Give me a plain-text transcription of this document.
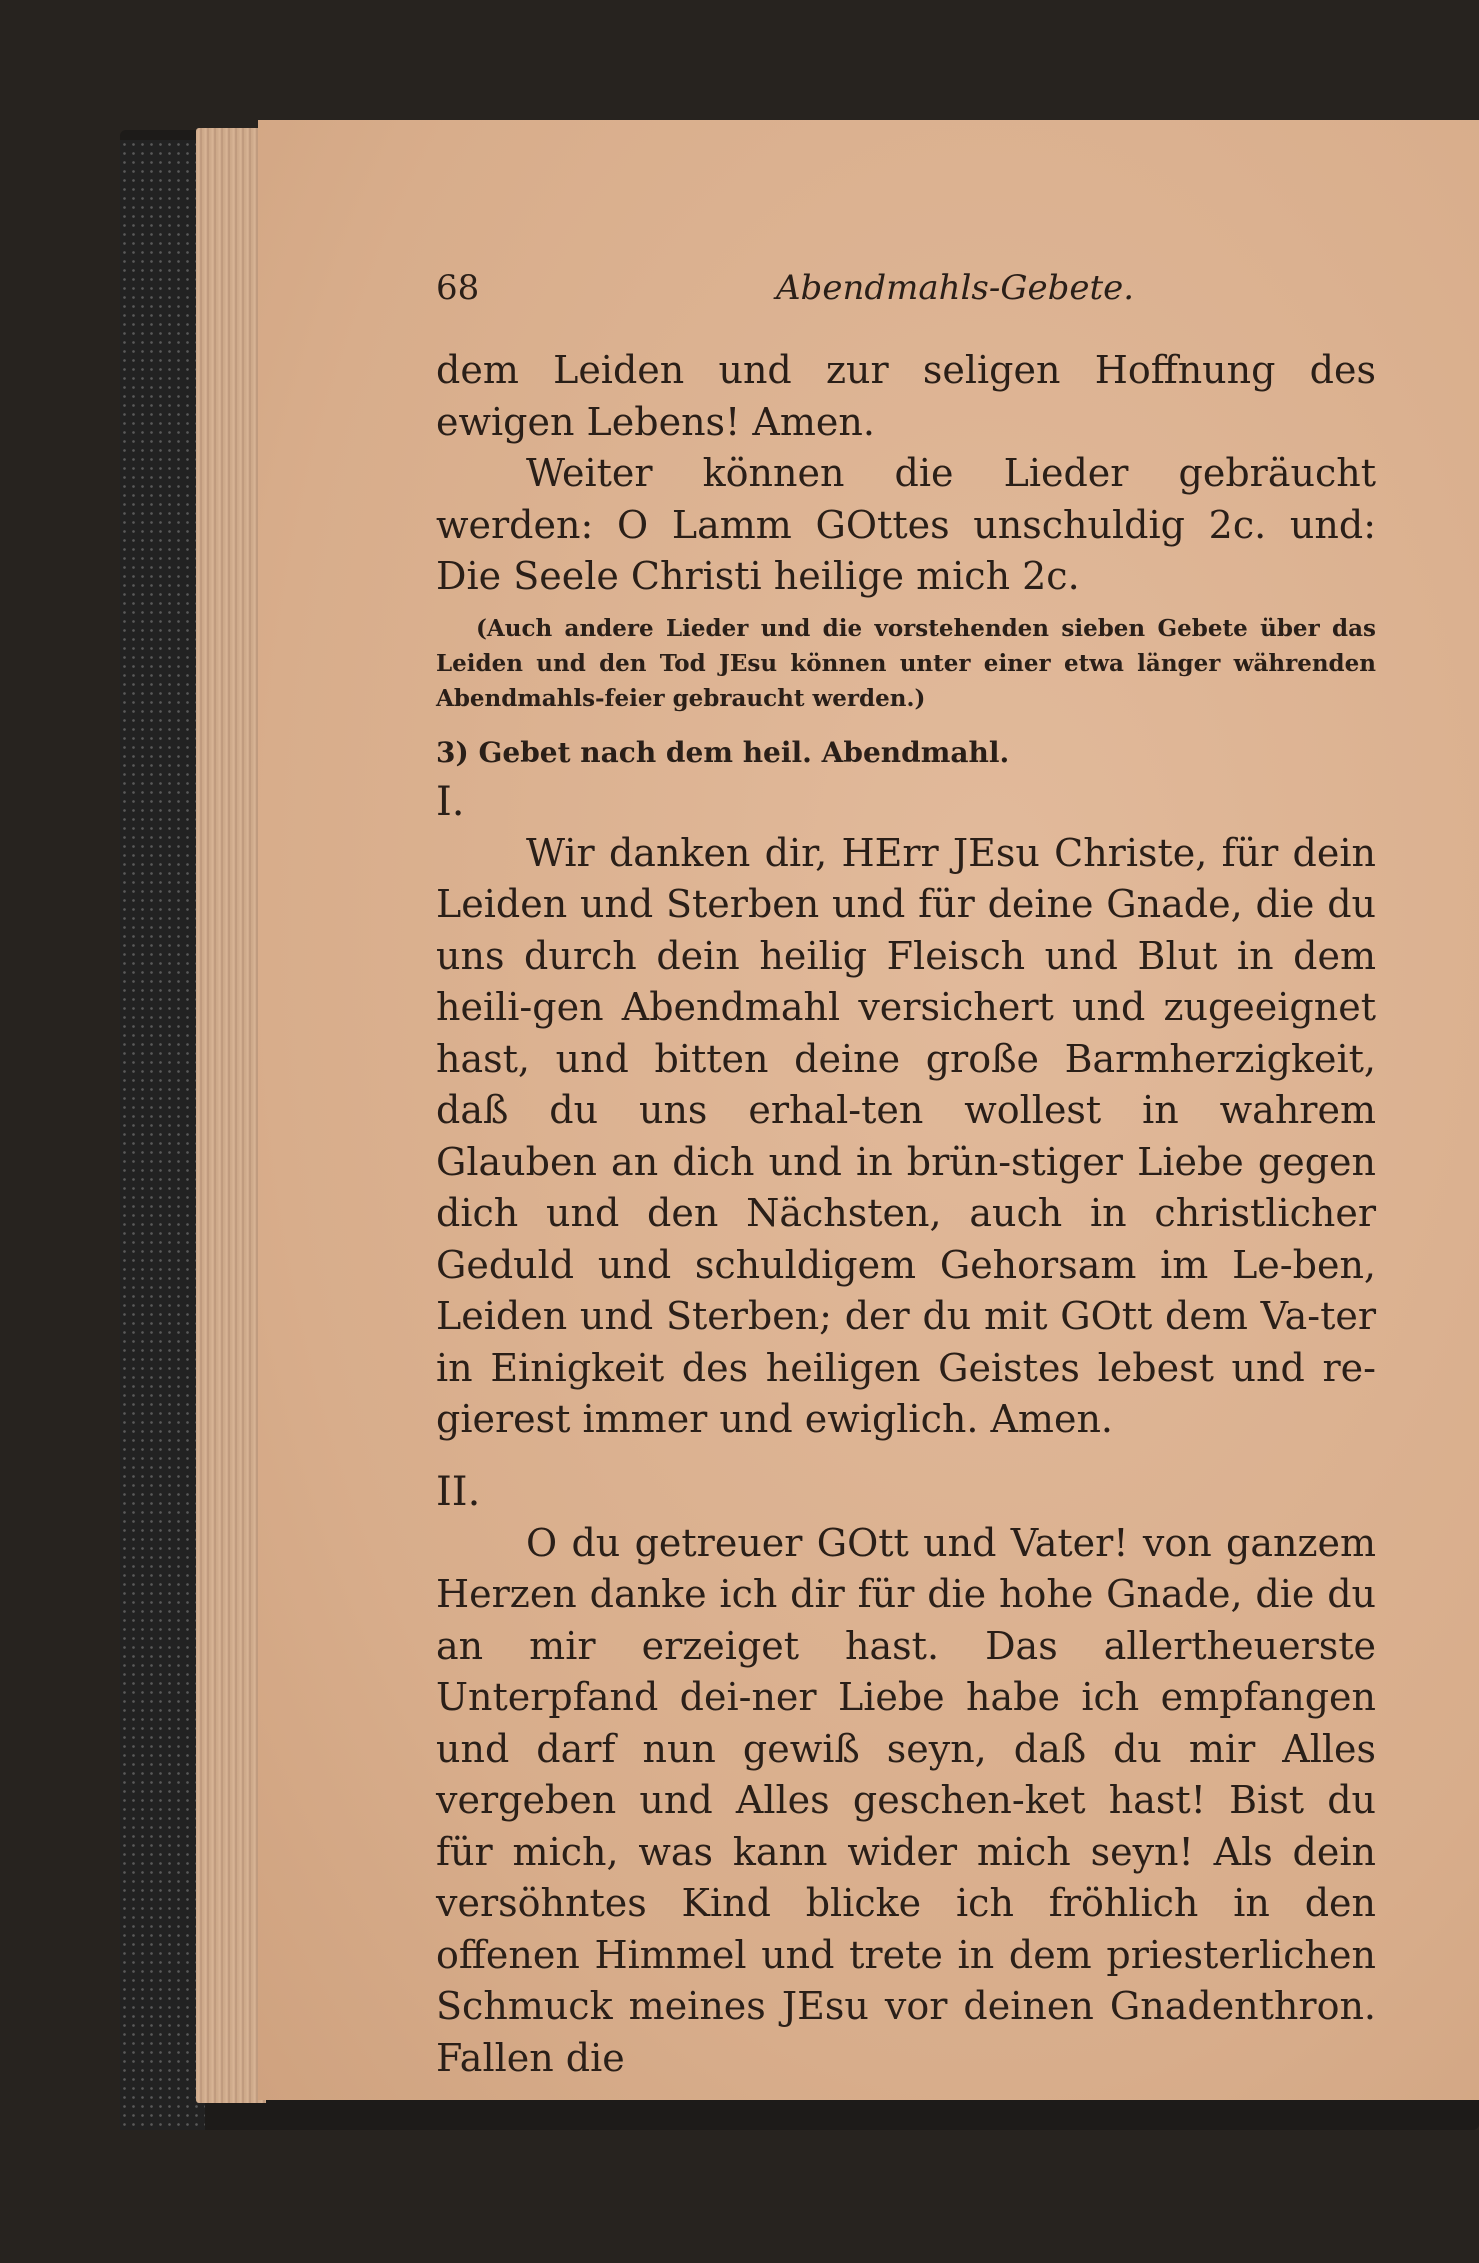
68	Abendmahls-Gebete.

dem Leiden und zur seligen Hoffnung des ewigen Lebens! Amen.

Weiter können die Lieder gebräucht werden: O Lamm GOttes unschuldig 2c. und: Die Seele Christi heilige mich 2c.

(Auch andere Lieder und die vorstehenden sieben Gebete über das Leiden und den Tod JEsu können unter einer etwa länger währenden Abendmahls-feier gebraucht werden.)

3) Gebet nach dem heil. Abendmahl.

I.

Wir danken dir, HErr JEsu Christe, für dein Leiden und Sterben und für deine Gnade, die du uns durch dein heilig Fleisch und Blut in dem heili-gen Abendmahl versichert und zugeeignet hast, und bitten deine große Barmherzigkeit, daß du uns erhal-ten wollest in wahrem Glauben an dich und in brün-stiger Liebe gegen dich und den Nächsten, auch in christlicher Geduld und schuldigem Gehorsam im Le-ben, Leiden und Sterben; der du mit GOtt dem Va-ter in Einigkeit des heiligen Geistes lebest und re-gierest immer und ewiglich. Amen.

II.

O du getreuer GOtt und Vater! von ganzem Herzen danke ich dir für die hohe Gnade, die du an mir erzeiget hast. Das allertheuerste Unterpfand dei-ner Liebe habe ich empfangen und darf nun gewiß seyn, daß du mir Alles vergeben und Alles geschen-ket hast! Bist du für mich, was kann wider mich seyn! Als dein versöhntes Kind blicke ich fröhlich in den offenen Himmel und trete in dem priesterlichen Schmuck meines JEsu vor deinen Gnadenthron. Fallen die
